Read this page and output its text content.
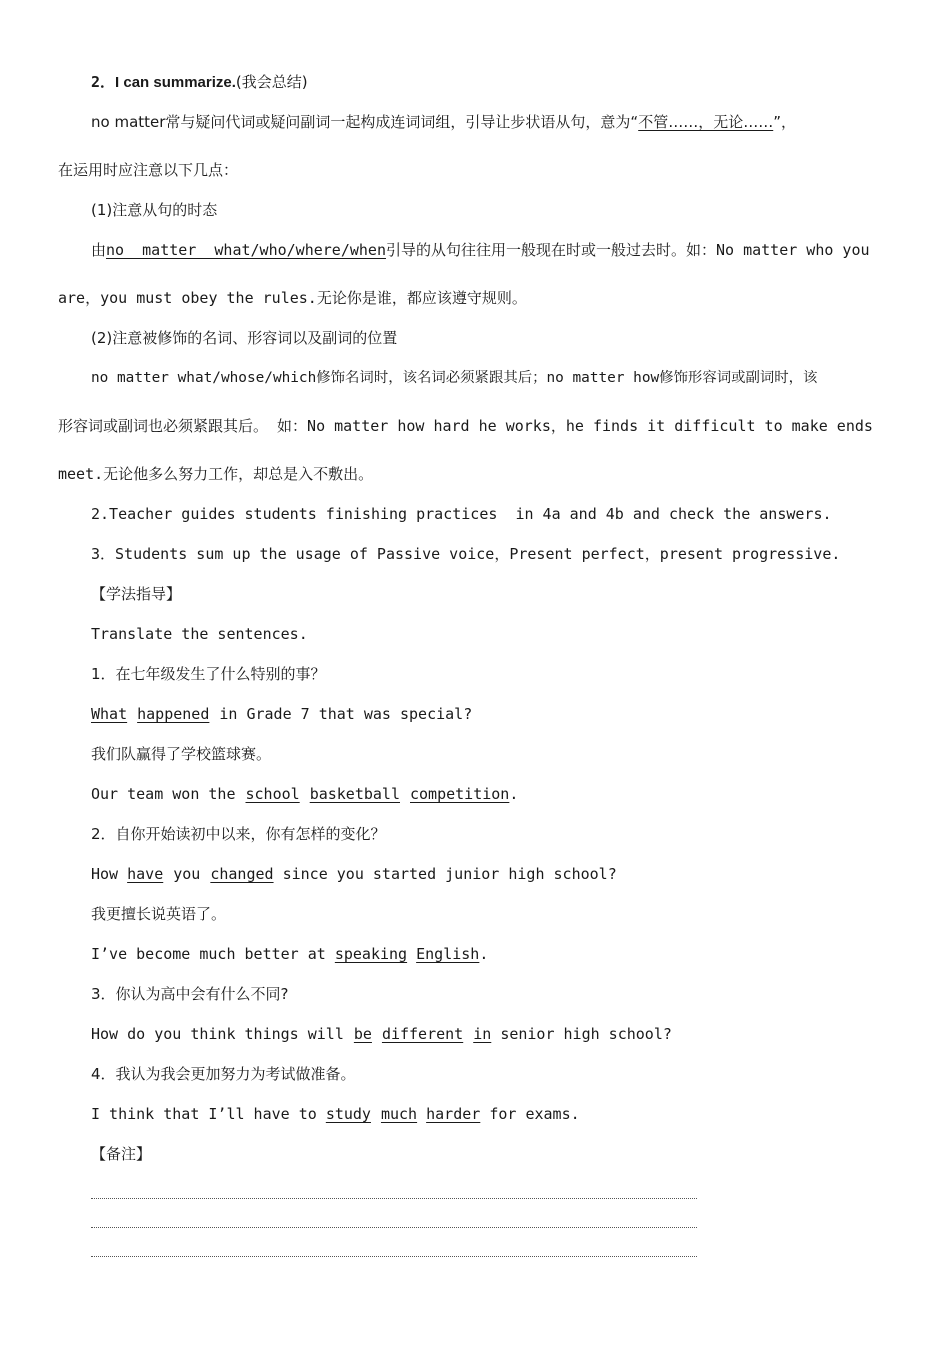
2．I can summarize.(我会总结)
no matter常与疑问代词或疑问副词一起构成连词词组，引导让步状语从句，意为“不管……，无论……”，
在运用时应注意以下几点：
(1)注意从句的时态
由no  matter  what/who/where/when引导的从句往往用一般现在时或一般过去时。如：No matter who you
are，you must obey the rules.无论你是谁，都应该遵守规则。
(2)注意被修饰的名词、形容词以及副词的位置
no matter what/whose/which修饰名词时，该名词必须紧跟其后；no matter how修饰形容词或副词时，该
形容词或副词也必须紧跟其后。 如：No matter how hard he works，he finds it difficult to make ends
meet.无论他多么努力工作，却总是入不敷出。
2.Teacher guides students finishing practices  in 4a and 4b and check the answers.
3．Students sum up the usage of Passive voice，Present perfect，present progressive.
【学法指导】
Translate the sentences.
1．在七年级发生了什么特别的事？
What happened in Grade 7 that was special?
我们队赢得了学校篮球赛。
Our team won the school basketball competition.
2．自你开始读初中以来，你有怎样的变化？
How have you changed since you started junior high school?
我更擅长说英语了。
I’ve become much better at speaking English.
3．你认为高中会有什么不同?
How do you think things will be different in senior high school?
4．我认为我会更加努力为考试做准备。
I think that I’ll have to study much harder for exams.
【备注】
